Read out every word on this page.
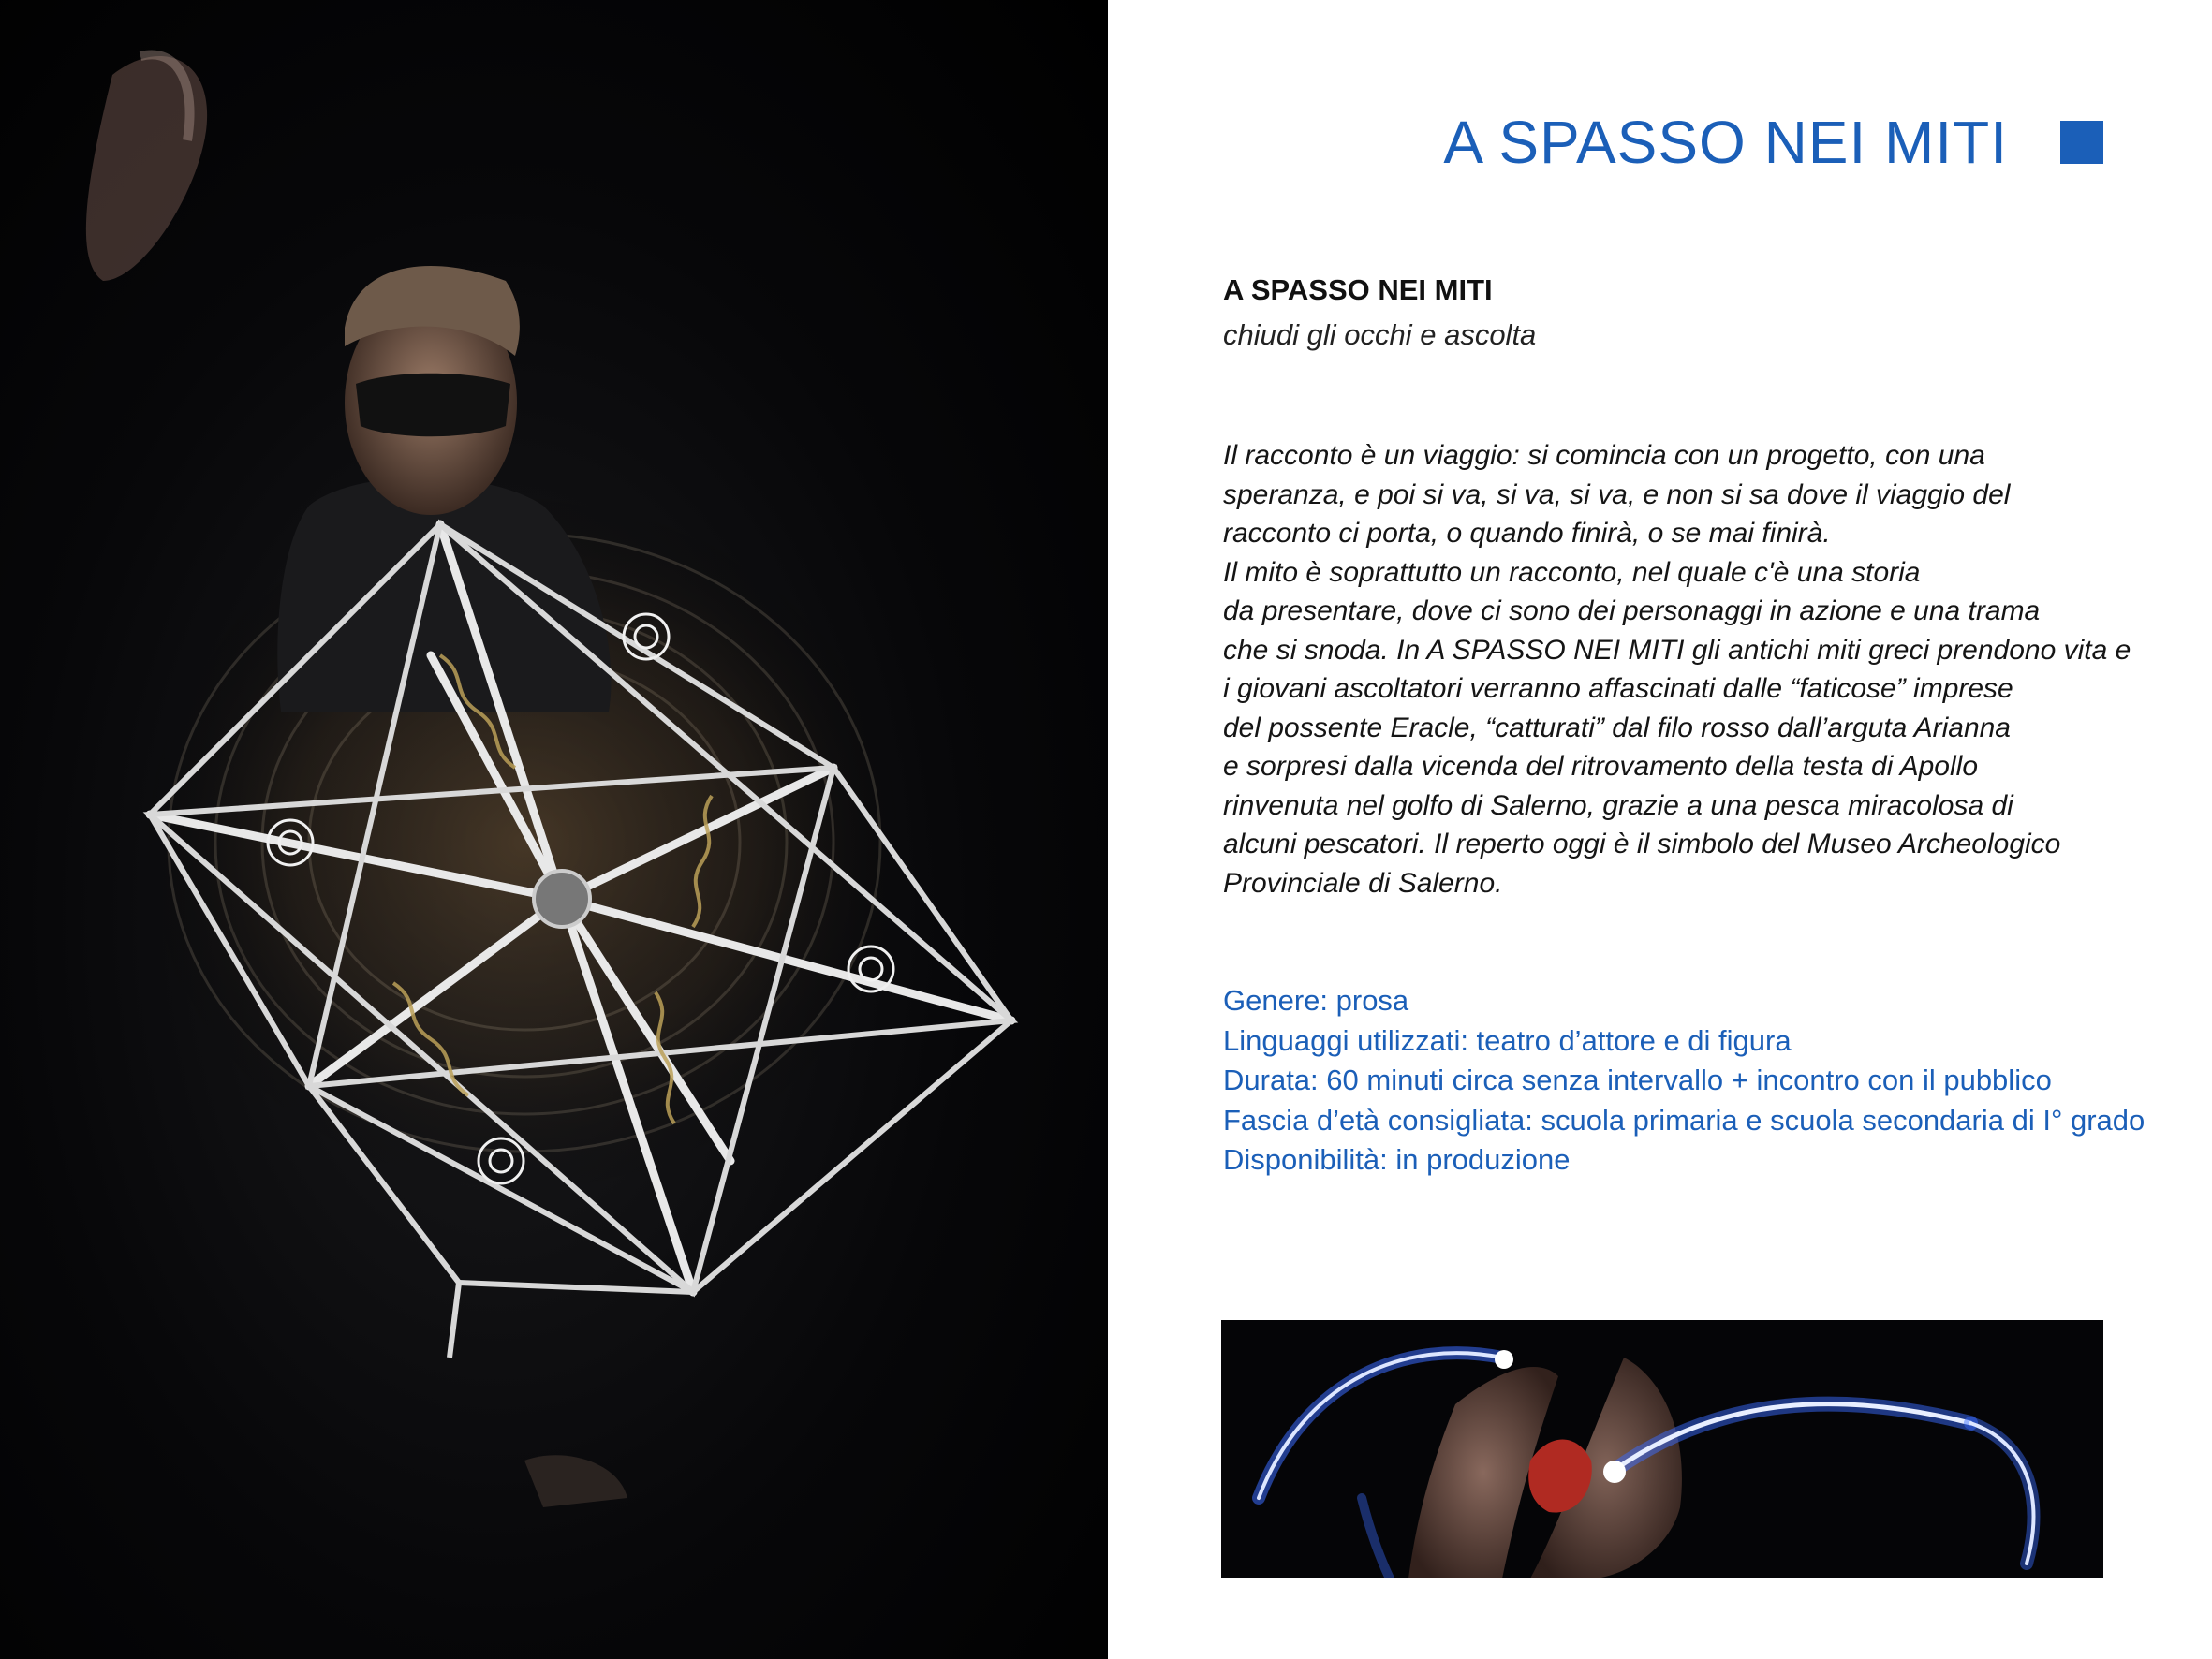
A SPASSO NEI MITI
A SPASSO NEI MITI
chiudi gli occhi e ascolta
Il racconto è un viaggio: si comincia con un progetto, con una
speranza, e poi si va, si va, si va, e non si sa dove il viaggio del
racconto ci porta, o quando finirà, o se mai finirà.
Il mito è soprattutto un racconto, nel quale c'è una storia
da presentare, dove ci sono dei personaggi in azione e una trama
che si snoda. In A SPASSO NEI MITI gli antichi miti greci prendono vita e
i giovani ascoltatori verranno affascinati dalle “faticose” imprese
del possente Eracle, “catturati” dal filo rosso dall’arguta Arianna
e sorpresi dalla vicenda del ritrovamento della testa di Apollo
rinvenuta nel golfo di Salerno, grazie a una pesca miracolosa di
alcuni pescatori. Il reperto oggi è il simbolo del Museo Archeologico
Provinciale di Salerno.
Genere: prosa
Linguaggi utilizzati: teatro d’attore e di figura
Durata: 60 minuti circa senza intervallo + incontro con il pubblico
Fascia d’età consigliata: scuola primaria e scuola secondaria di I° grado
Disponibilità: in produzione
